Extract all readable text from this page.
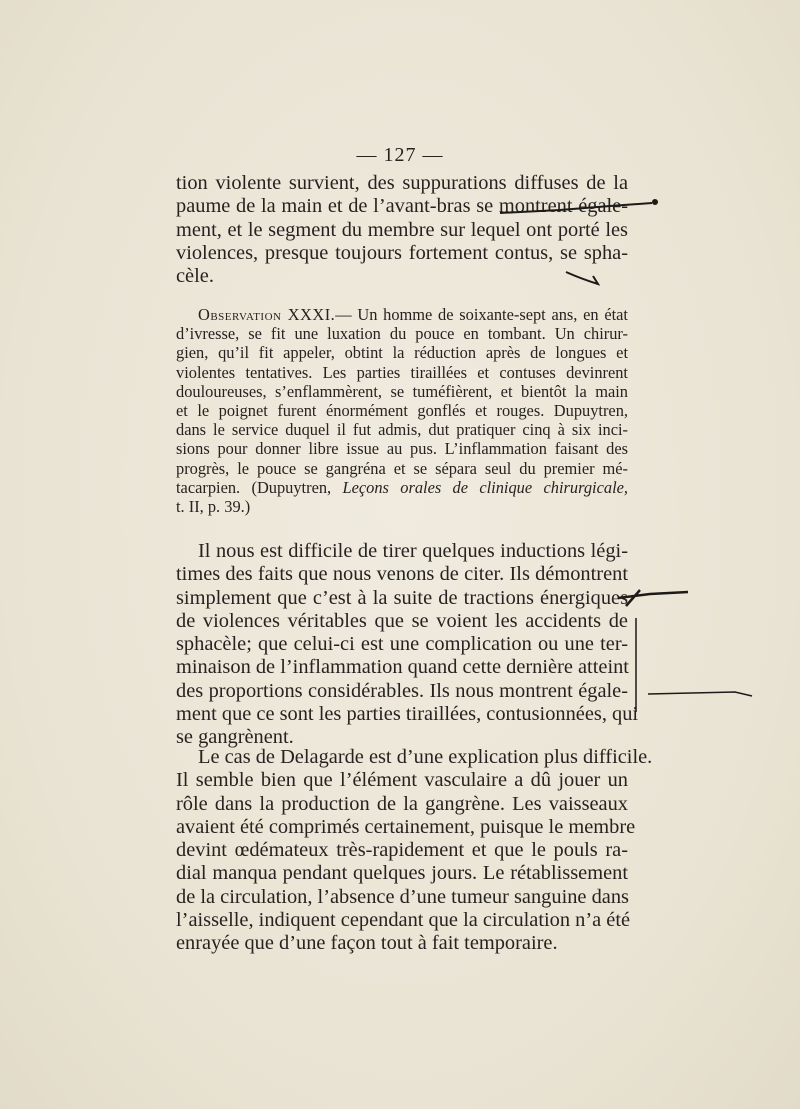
— 127 —
tion violente survient, des suppurations diffuses de la
paume de la main et de l’avant-bras se montrent égale-
ment, et le segment du membre sur lequel ont porté les
violences, presque toujours fortement contus, se spha-
cèle.
Observation XXXI.— Un homme de soixante-sept ans, en état
d’ivresse, se fit une luxation du pouce en tombant. Un chirur-
gien, qu’il fit appeler, obtint la réduction après de longues et
violentes tentatives. Les parties tiraillées et contuses devinrent
douloureuses, s’enflammèrent, se tuméfièrent, et bientôt la main
et le poignet furent énormément gonflés et rouges. Dupuytren,
dans le service duquel il fut admis, dut pratiquer cinq à six inci-
sions pour donner libre issue au pus. L’inflammation faisant des
progrès, le pouce se gangréna et se sépara seul du premier mé-
tacarpien. (Dupuytren, Leçons orales de clinique chirurgicale,
t. II, p. 39.)
Il nous est difficile de tirer quelques inductions légi-
times des faits que nous venons de citer. Ils démontrent
simplement que c’est à la suite de tractions énergiques
de violences véritables que se voient les accidents de
sphacèle; que celui-ci est une complication ou une ter-
minaison de l’inflammation quand cette dernière atteint
des proportions considérables. Ils nous montrent égale-
ment que ce sont les parties tiraillées, contusionnées, qui
se gangrènent.
Le cas de Delagarde est d’une explication plus difficile.
Il semble bien que l’élément vasculaire a dû jouer un
rôle dans la production de la gangrène. Les vaisseaux
avaient été comprimés certainement, puisque le membre
devint œdémateux très-rapidement et que le pouls ra-
dial manqua pendant quelques jours. Le rétablissement
de la circulation, l’absence d’une tumeur sanguine dans
l’aisselle, indiquent cependant que la circulation n’a été
enrayée que d’une façon tout à fait temporaire.
